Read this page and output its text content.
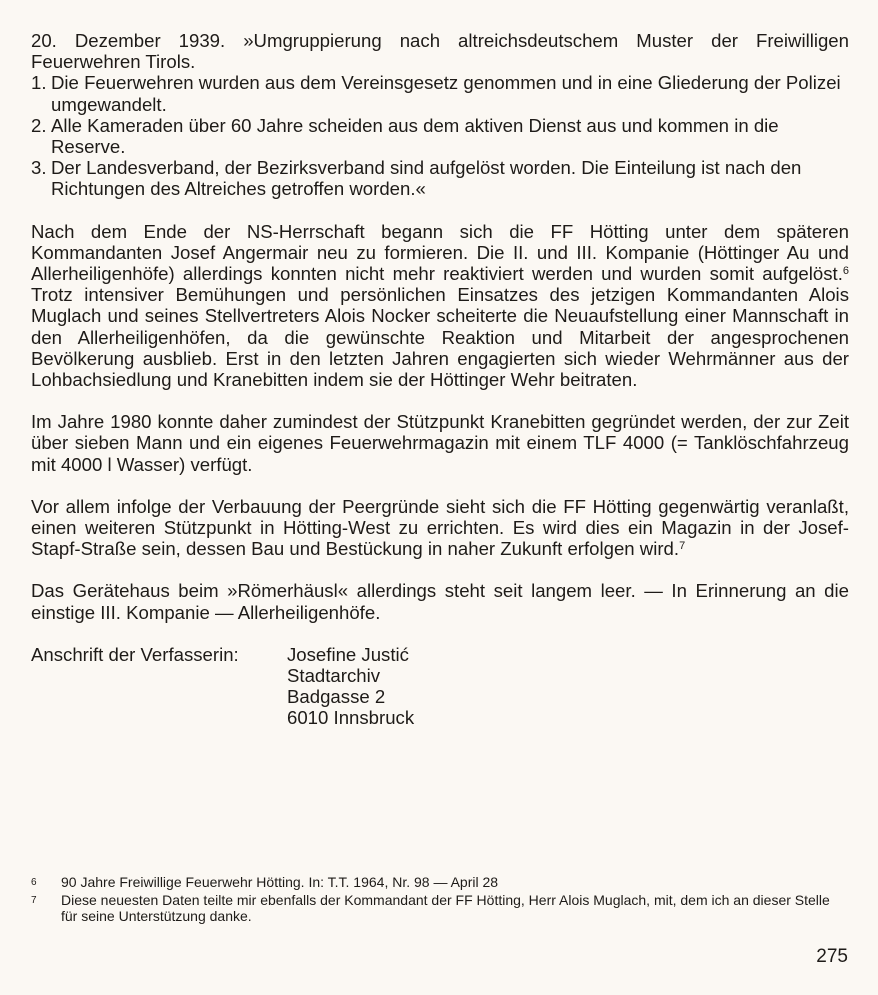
20. Dezember 1939. »Umgruppierung nach altreichsdeutschem Muster der Freiwilligen Feuerwehren Tirols.

1. Die Feuerwehren wurden aus dem Vereinsgesetz genommen und in eine Gliederung der Polizei umgewandelt.
2. Alle Kameraden über 60 Jahre scheiden aus dem aktiven Dienst aus und kommen in die Reserve.
3. Der Landesverband, der Bezirksverband sind aufgelöst worden. Die Einteilung ist nach den Richtungen des Altreiches getroffen worden.«

Nach dem Ende der NS-Herrschaft begann sich die FF Hötting unter dem späteren Kommandanten Josef Angermair neu zu formieren. Die II. und III. Kompanie (Höttinger Au und Allerheiligenhöfe) allerdings konnten nicht mehr reaktiviert werden und wurden somit aufgelöst.$^6$ Trotz intensiver Bemühungen und persönlichen Einsatzes des jetzigen Kommandanten Alois Muglach und seines Stellvertreters Alois Nocker scheiterte die Neuaufstellung einer Mannschaft in den Allerheiligenhöfen, da die gewünschte Reaktion und Mitarbeit der angesprochenen Bevölkerung ausblieb. Erst in den letzten Jahren engagierten sich wieder Wehrmänner aus der Lohbachsiedlung und Kranebitten indem sie der Höttinger Wehr beitraten.

Im Jahre 1980 konnte daher zumindest der Stützpunkt Kranebitten gegründet werden, der zur Zeit über sieben Mann und ein eigenes Feuerwehrmagazin mit einem TLF 4000 (= Tanklöschfahrzeug mit 4000 l Wasser) verfügt.

Vor allem infolge der Verbauung der Peergründe sieht sich die FF Hötting gegenwärtig veranlaßt, einen weiteren Stützpunkt in Hötting-West zu errichten. Es wird dies ein Magazin in der Josef-Stapf-Straße sein, dessen Bau und Bestückung in naher Zukunft erfolgen wird.$^7$

Das Gerätehaus beim »Römerhäusl« allerdings steht seit langem leer. — In Erinnerung an die einstige III. Kompanie — Allerheiligenhöfe.

Anschrift der Verfasserin:	Josefine Justić
Stadtarchiv
Badgasse 2
6010 Innsbruck
6	90 Jahre Freiwillige Feuerwehr Hötting. In: T.T. 1964, Nr. 98 — April 28
7	Diese neuesten Daten teilte mir ebenfalls der Kommandant der FF Hötting, Herr Alois Muglach, mit, dem ich an dieser Stelle für seine Unterstützung danke.
275
